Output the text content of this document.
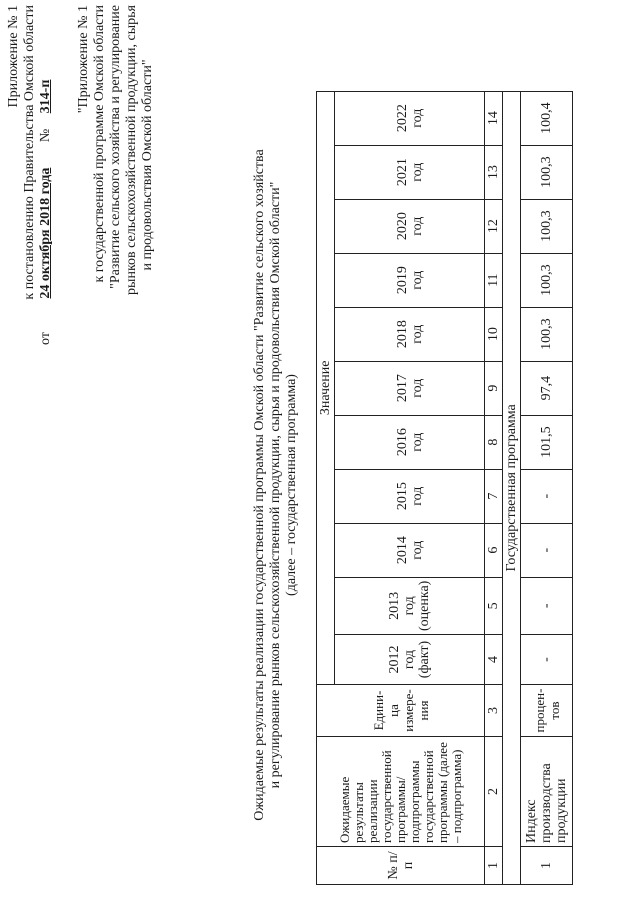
Приложение № 1 к постановлению Правительства Омской области
от 24 октября 2018 года № 314-п "Приложение № 1 к государственной программе Омской области "Развитие сельского хозяйства и регулирование рынков сельскохозяйственной продукции, сырья и продовольствия Омской области"	Ожидаемые результаты реализации государственной программы Омской области "Развитие сельского хозяйства и регулирование рынков сельскохозяйственной продукции, сырья и продовольствия Омской области" (далее – государственная программа)
№ п/п	Ожидаемые результаты реализации государственной программы/ подпрограммы государственной программы (далее – подпрограмма)	Едини-ца измере-ния	Значение										
			2012 год (факт)	2013 год (оценка)	2014 год	2015 год	2016 год	2017 год	2018 год	2019 год	2020 год	2021 год	2022 год
1	2	3	4	5	6	7	8	9	10	11	12	13	14
Государственная программа													
1	Индекс производства продукции	процен-тов	-	-	-	-	101,5	97,4	100,3	100,3	100,3	100,3	100,4
